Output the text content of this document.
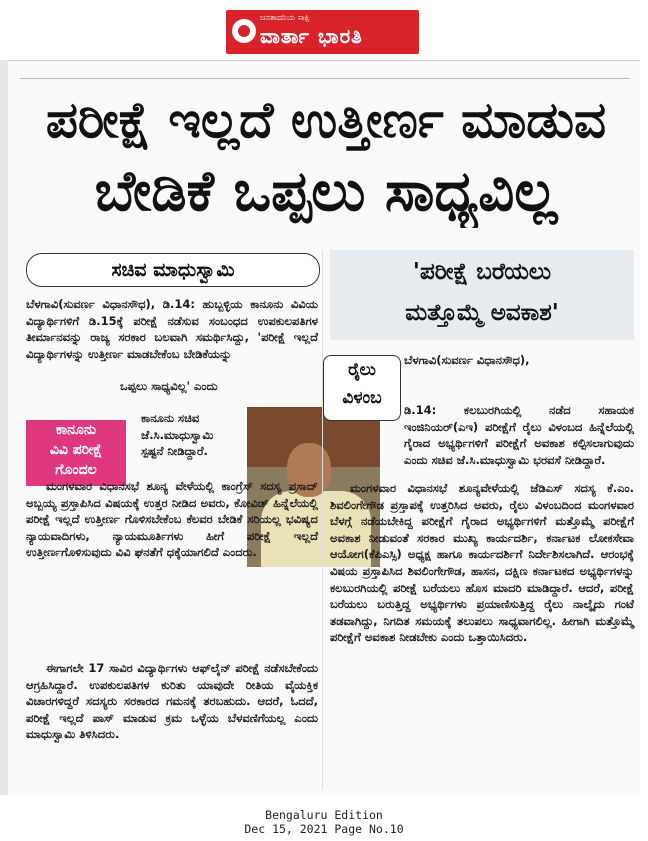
ಜನತಾದನಿಯ ಸಾಕ್ಷಿ
ವಾರ್ತಾ ಭಾರತಿ
ಪರೀಕ್ಷೆ ಇಲ್ಲದೆ ಉತ್ತೀರ್ಣ ಮಾಡುವ
ಬೇಡಿಕೆ ಒಪ್ಪಲು ಸಾಧ್ಯವಿಲ್ಲ
ಸಚಿವ ಮಾಧುಸ್ವಾಮಿ
ಬೆಳಗಾವಿ(ಸುವರ್ಣ ವಿಧಾನಸೌಧ), ಡಿ.14: ಹುಬ್ಬಳ್ಳಿಯ ಕಾನೂನು ವಿವಿಯ ವಿದ್ಯಾರ್ಥಿಗಳಿಗೆ ಡಿ.15ಕ್ಕೆ ಪರೀಕ್ಷೆ ನಡೆಸುವ ಸಂಬಂಧದ ಉಪಕುಲಪತಿಗಳ ತೀರ್ಮಾನವನ್ನು ರಾಜ್ಯ ಸರಕಾರ ಬಲವಾಗಿ ಸಮರ್ಥಿಸಿದ್ದು, 'ಪರೀಕ್ಷೆ ಇಲ್ಲದೆ ವಿದ್ಯಾರ್ಥಿಗಳನ್ನು ಉತ್ತೀರ್ಣ ಮಾಡಬೇಕೆಂಬ ಬೇಡಿಕೆಯನ್ನು
ಕಾನೂನು
ವಿವಿ ಪರೀಕ್ಷೆ
ಗೊಂದಲ
ಒಪ್ಪಲು ಸಾಧ್ಯವಿಲ್ಲ' ಎಂದು
ಕಾನೂನು ಸಚಿವ ಜೆ.ಸಿ.ಮಾಧುಸ್ವಾಮಿ ಸ್ಪಷ್ಟನೆ ನೀಡಿದ್ದಾರೆ.
ಮಂಗಳವಾರ ವಿಧಾನಸಭೆ ಶೂನ್ಯ ವೇಳೆಯಲ್ಲಿ ಕಾಂಗ್ರೆಸ್ ಸದಸ್ಯ ಪ್ರಸಾದ್ ಅಬ್ಬಯ್ಯ ಪ್ರಸ್ತಾಪಿಸಿದ ವಿಷಯಕ್ಕೆ ಉತ್ತರ ನೀಡಿದ ಅವರು, ಕೋವಿಡ್ ಹಿನ್ನೆಲೆಯಲ್ಲಿ ಪರೀಕ್ಷೆ ಇಲ್ಲದೆ ಉತ್ತೀರ್ಣ ಗೊಳಿಸಬೇಕೆಂಬ ಕೆಲವರ ಬೇಡಿಕೆ ಸರಿಯಲ್ಲ ಭವಿಷ್ಯದ ನ್ಯಾಯವಾದಿಗಳು, ನ್ಯಾಯಮೂರ್ತಿಗಳು ಹೀಗೆ ಪರೀಕ್ಷೆ ಇಲ್ಲದೆ ಉತ್ತೀರ್ಣಗೊಳಿಸುವುದು ವಿವಿ ಘನತೆಗೆ ಧಕ್ಕೆಯಾಗಲಿದೆ ಎಂದರು.
ಈಗಾಗಲೇ 17 ಸಾವಿರ ವಿದ್ಯಾರ್ಥಿಗಳು ಆಫ್‌ಲೈನ್ ಪರೀಕ್ಷೆ ನಡೆಸಬೇಕೆಂದು ಆಗ್ರಹಿಸಿದ್ದಾರೆ. ಉಪಕುಲಪತಿಗಳ ಕುರಿತು ಯಾವುದೇ ರೀತಿಯ ವೈಯಕ್ತಿಕ ವಿಚಾರಗಳಿದ್ದರೆ ಸದಸ್ಯರು ಸರಕಾರದ ಗಮನಕ್ಕೆ ತರಬಹುದು. ಆದರೆ, ಓದದೆ, ಪರೀಕ್ಷೆ ಇಲ್ಲದೆ ಪಾಸ್ ಮಾಡುವ ಕ್ರಮ ಒಳ್ಳೆಯ ಬೆಳವಣಿಗೆಯಲ್ಲ ಎಂದು ಮಾಧುಸ್ವಾಮಿ ತಿಳಿಸಿದರು.
'ಪರೀಕ್ಷೆ ಬರೆಯಲು
ಮತ್ತೊಮ್ಮೆ ಅವಕಾಶ'
ರೈಲು
ವಿಳಂಬ
ಬೆಳಗಾವಿ(ಸುವರ್ಣ ವಿಧಾನಸೌಧ),
ಡಿ.14: ಕಲಬುರಗಿಯಲ್ಲಿ ನಡೆದ ಸಹಾಯಕ ಇಂಜಿನಿಯರ್(ಎಇ) ಪರೀಕ್ಷೆಗೆ ರೈಲು ವಿಳಂಬದ ಹಿನ್ನೆಲೆಯಲ್ಲಿ ಗೈರಾದ ಅಭ್ಯರ್ಥಿಗಳಿಗೆ ಪರೀಕ್ಷೆಗೆ ಅವಕಾಶ ಕಲ್ಪಿಸಲಾಗುವುದು ಎಂದು ಸಚಿವ ಜೆ.ಸಿ.ಮಾಧುಸ್ವಾಮಿ ಭರವಸೆ ನೀಡಿದ್ದಾರೆ.
ಮಂಗಳವಾರ ವಿಧಾನಸಭೆ ಶೂನ್ಯವೇಳೆಯಲ್ಲಿ ಜೆಡಿಎಸ್ ಸದಸ್ಯ ಕೆ.ಎಂ. ಶಿವಲಿಂಗೇಗೌಡ ಪ್ರಸ್ತಾಪಕ್ಕೆ ಉತ್ತರಿಸಿದ ಅವರು, ರೈಲು ವಿಳಂಬದಿಂದ ಮಂಗಳವಾರ ಬೆಳಗ್ಗೆ ನಡೆಯಬೇಕಿದ್ದ ಪರೀಕ್ಷೆಗೆ ಗೈರಾದ ಅಭ್ಯರ್ಥಿಗಳಿಗೆ ಮತ್ತೊಮ್ಮೆ ಪರೀಕ್ಷೆಗೆ ಅವಕಾಶ ನೀಡುವಂತೆ ಸರಕಾರ ಮುಖ್ಯ ಕಾರ್ಯದರ್ಶಿ, ಕರ್ನಾಟಕ ಲೋಕಸೇವಾ ಆಯೋಗ(ಕೆಪಿಎಸ್ಸಿ) ಅಧ್ಯಕ್ಷ ಹಾಗೂ ಕಾರ್ಯದರ್ಶಿಗೆ ನಿರ್ದೇಶಿಸಲಾಗಿದೆ. ಆರಂಭಕ್ಕೆ ವಿಷಯ ಪ್ರಸ್ತಾಪಿಸಿದ ಶಿವಲಿಂಗೇಗೌಡ, ಹಾಸನ, ದಕ್ಷಿಣ ಕರ್ನಾಟಕದ ಅಭ್ಯರ್ಥಿಗಳನ್ನು ಕಲಬುರಗಿಯಲ್ಲಿ ಪರೀಕ್ಷೆ ಬರೆಯಲು ಹೊಸ ಮಾದರಿ ಮಾಡಿದ್ದಾರೆ. ಆದರೆ, ಪರೀಕ್ಷೆ ಬರೆಯಲು ಬರುತ್ತಿದ್ದ ಅಭ್ಯರ್ಥಿಗಳು ಪ್ರಯಾಣಿಸುತ್ತಿದ್ದ ರೈಲು ನಾಲ್ಕೈದು ಗಂಟೆ ತಡವಾಗಿದ್ದು, ನಿಗದಿತ ಸಮಯಕ್ಕೆ ತಲುಪಲು ಸಾಧ್ಯವಾಗಲಿಲ್ಲ. ಹೀಗಾಗಿ ಮತ್ತೊಮ್ಮೆ ಪರೀಕ್ಷೆಗೆ ಅವಕಾಶ ನೀಡಬೇಕು ಎಂದು ಒತ್ತಾಯಿಸಿದರು.
Bengaluru Edition
Dec 15, 2021 Page No.10
